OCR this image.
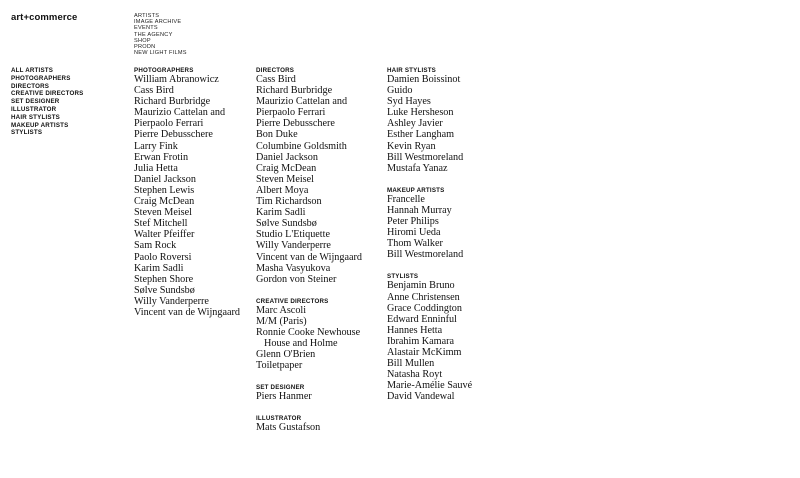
art+commerce	ARTISTS
IMAGE ARCHIVE
EVENTS
THE AGENCY
SHOP
PRODN
NEW LIGHT FILMS
ALL ARTISTS
PHOTOGRAPHERS
DIRECTORS
CREATIVE DIRECTORS
SET DESIGNER
ILLUSTRATOR
HAIR STYLISTS
MAKEUP ARTISTS
STYLISTS
PHOTOGRAPHERS
William Abranowicz
Cass Bird
Richard Burbridge
Maurizio Cattelan and
Pierpaolo Ferrari
Pierre Debusschere
Larry Fink
Erwan Frotin
Julia Hetta
Daniel Jackson
Stephen Lewis
Craig McDean
Steven Meisel
Stef Mitchell
Walter Pfeiffer
Sam Rock
Paolo Roversi
Karim Sadli
Stephen Shore
Sølve Sundsbø
Willy Vanderperre
Vincent van de Wijngaard
DIRECTORS
Cass Bird
Richard Burbridge
Maurizio Cattelan and
Pierpaolo Ferrari
Pierre Debusschere
Bon Duke
Columbine Goldsmith
Daniel Jackson
Craig McDean
Steven Meisel
Albert Moya
Tim Richardson
Karim Sadli
Sølve Sundsbø
Studio L'Etiquette
Willy Vanderperre
Vincent van de Wijngaard
Masha Vasyukova
Gordon von Steiner
CREATIVE DIRECTORS
Marc Ascoli
M/M (Paris)
Ronnie Cooke Newhouse
House and Holme
Glenn O'Brien
Toiletpaper
SET DESIGNER
Piers Hanmer
ILLUSTRATOR
Mats Gustafson
HAIR STYLISTS
Damien Boissinot
Guido
Syd Hayes
Luke Hersheson
Ashley Javier
Esther Langham
Kevin Ryan
Bill Westmoreland
Mustafa Yanaz
MAKEUP ARTISTS
Francelle
Hannah Murray
Peter Philips
Hiromi Ueda
Thom Walker
Bill Westmoreland
STYLISTS
Benjamin Bruno
Anne Christensen
Grace Coddington
Edward Enninful
Hannes Hetta
Ibrahim Kamara
Alastair McKimm
Bill Mullen
Natasha Royt
Marie-Amélie Sauvé
David Vandewal
